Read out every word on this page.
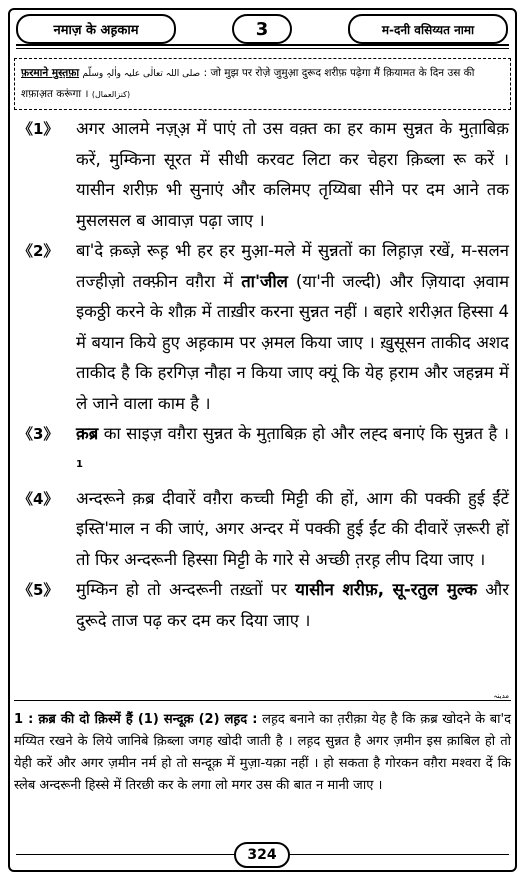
नमाज़ के अह़काम	3	म-दनी वसिय्यत नामा
फ़रमाने मुस्त़फ़ा صلی اللہ تعالٰی علیہ واٰلہٖ وسلّم : जो मुझ पर रोज़े जुमुआ़ दुरूद शरीफ़ पढ़ेगा मैं क़ियामत के दिन उस की
शफ़ाअ़त करूंगा । (کنزالعمال)
《1》	अगर आलमे नज़्अ़ में पाएं तो उस वक़्त का हर काम सुन्नत के मुत़ाबिक़ करें, मुम्किना सूरत में सीधी करवट लिटा कर चेहरा क़िब्ला रू करें । यासीन शरीफ़ भी सुनाएं और कलिमए तृय्यिबा सीने पर दम आने तक मुसलसल ब आवाज़ पढ़ा जाए ।
《2》	बा'दे क़ब्ज़े रूह़ भी हर हर मुआ़-मले में सुन्नतों का लिह़ाज़ रखें, म-सलन तज्हीज़ो तक्फ़ीन वग़ैरा में ता'जील (या'नी जल्दी) और ज़ियादा अ़वाम इकठ्ठी करने के शौक़ में ताख़ीर करना सुन्नत नहीं । बहारे शरीअ़त हिस्सा 4 में बयान किये हुए अह़काम पर अ़मल किया जाए । ख़ुसूसन ताकीद अशद ताकीद है कि हरगिज़ नौहा न किया जाए क्यूं कि येह ह़राम और जहन्नम में ले जाने वाला काम है ।
《3》	क़ब्र का साइज़ वग़ैरा सुन्नत के मुत़ाबिक़ हो और लह्द बनाएं कि सुन्नत है ।$^1$
《4》	अन्दरूने क़ब्र दीवारें वग़ैरा कच्ची मिट्टी की हों, आग की पक्की हुई ईंटें इस्ति'माल न की जाएं, अगर अन्दर में पक्की हुई ईंट की दीवारें ज़रूरी हों तो फिर अन्दरूनी हिस्सा मिट्टी के गारे से अच्छी त़रह़ लीप दिया जाए ।
《5》	मुम्किन हो तो अन्दरूनी तख़्तों पर यासीन शरीफ़, सू-रतुल मुल्क और दुरूदे ताज पढ़ कर दम कर दिया जाए ।
مدینہ
1 : क़ब्र की दो क़िस्में हैं (1) सन्दूक़ (2) लह़द : लह़द बनाने का त़रीक़ा येह है कि क़ब्र खोदने के बा'द मय्यित रखने के लिये जानिबे क़िब्ला जगह खोदी जाती है । लह़द सुन्नत है अगर ज़मीन इस क़ाबिल हो तो येही करें और अगर ज़मीन नर्म हो तो सन्दूक़ में मुज़ा-यक़ा नहीं । हो सकता है गोरकन वग़ैरा मश्वरा दें कि स्लेब अन्दरूनी हिस्से में तिरछी कर के लगा लो मगर उस की बात न मानी जाए ।
324
